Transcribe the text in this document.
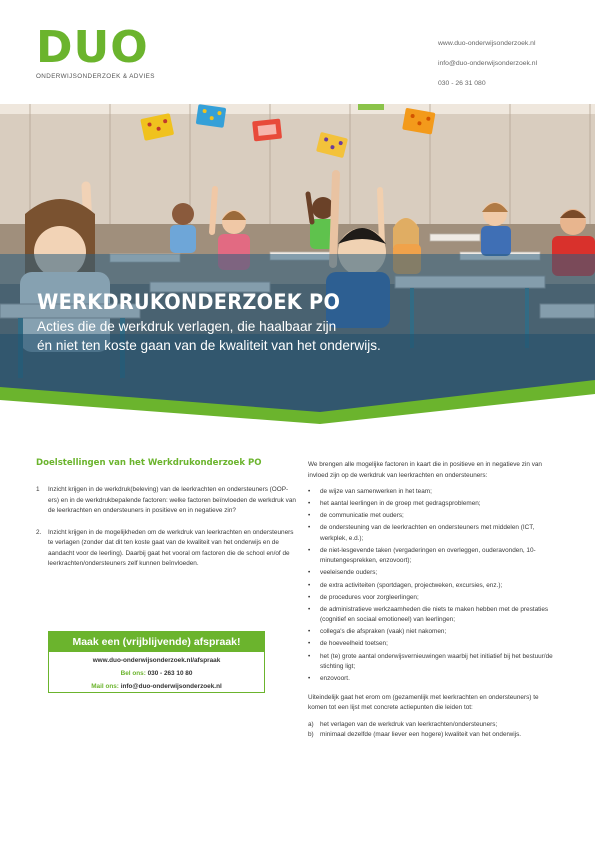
DUO
ONDERWIJSONDERZOEK & ADVIES
www.duo-onderwijsonderzoek.nl
info@duo-onderwijsonderzoek.nl
030 - 26 31 080
WERKDRUKONDERZOEK PO
Acties die de werkdruk verlagen, die haalbaar zijn
én niet ten koste gaan van de kwaliteit van het onderwijs.
Doelstellingen van het Werkdrukonderzoek PO
1 Inzicht krijgen in de werkdruk(beleving) van de leerkrachten en ondersteuners (OOP-ers) en in de werkdrukbepalende factoren: welke factoren beïnvloeden de werkdruk van de leerkrachten en ondersteuners in positieve en in negatieve zin?
2. Inzicht krijgen in de mogelijkheden om de werkdruk van leerkrachten en ondersteuners te verlagen (zonder dat dit ten koste gaat van de kwaliteit van het onderwijs en de aandacht voor de leerling). Daarbij gaat het vooral om factoren die de school en/of de leerkrachten/ondersteuners zelf kunnen beïnvloeden.
Maak een (vrijblijvende) afspraak!
www.duo-onderwijsonderzoek.nl/afspraak
Bel ons: 030 - 263 10 80
Mail ons: info@duo-onderwijsonderzoek.nl

We brengen alle mogelijke factoren in kaart die in positieve en in negatieve zin van invloed zijn op de werkdruk van leerkrachten en ondersteuners:

• de wijze van samenwerken in het team;
• het aantal leerlingen in de groep met gedragsproblemen;
• de communicatie met ouders;
• de ondersteuning van de leerkrachten en ondersteuners met middelen (ICT, werkplek, e.d.);
• de niet-lesgevende taken (vergaderingen en overleggen, ouderavonden, 10-minutengesprekken, enzovoort);
• veeleisende ouders;
• de extra activiteiten (sportdagen, projectweken, excursies, enz.);
• de procedures voor zorgleerlingen;
• de administratieve werkzaamheden die niets te maken hebben met de prestaties (cognitief en sociaal emotioneel) van leerlingen;
• collega's die afspraken (vaak) niet nakomen;
• de hoeveelheid toetsen;
• het (te) grote aantal onderwijsvernieuwingen waarbij het initiatief bij het bestuur/de stichting ligt;
• enzovoort.

Uiteindelijk gaat het erom om (gezamenlijk met leerkrachten en ondersteuners) te komen tot een lijst met concrete actiepunten die leiden tot:

a) het verlagen van de werkdruk van leerkrachten/ondersteuners;
b) minimaal dezelfde (maar liever een hogere) kwaliteit van het onderwijs.
